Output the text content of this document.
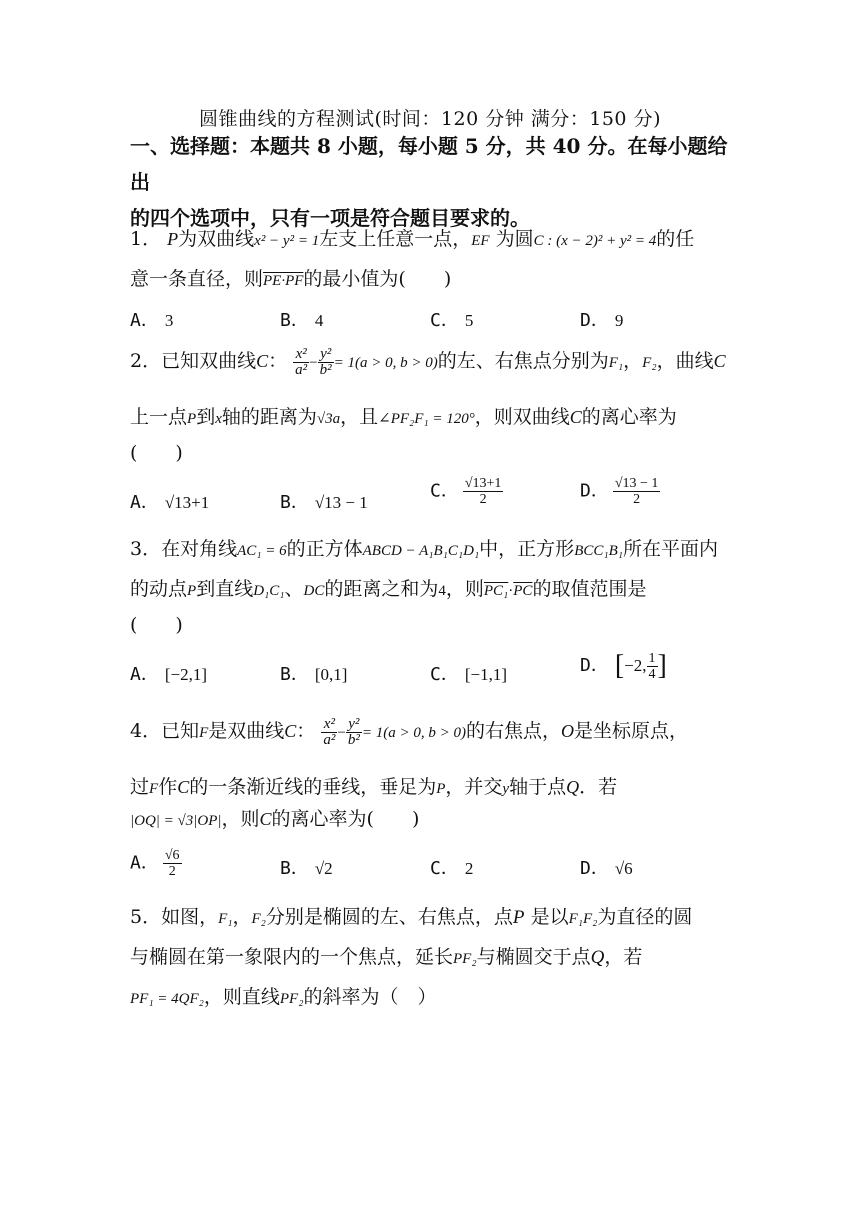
圆锥曲线的方程测试(时间：120 分钟 满分：150 分)
一、选择题：本题共 8 小题，每小题 5 分，共 40 分。在每小题给出
的四个选项中，只有一项是符合题目要求的。
1． P为双曲线x² − y² = 1左支上任意一点，EF 为圆C : (x − 2)² + y² = 4的任
意一条直径，则PE·PF的最小值为(　　)
A． 3	B． 4	C． 5	D． 9
2．已知双曲线C： $\frac{\text{x²}}{\text{a²}} - \frac{\text{y²}}{\text{b²}} = 1(a > 0$, b > 0)的左、右焦点分别为F₁，F₂，曲线C
上一点P到x轴的距离为√3a，且∠PF₂F₁ = 120°，则双曲线C的离心率为
(　　)
A． √13+1	B． √13 − 1
C． $\frac{√13+1}{2}$	D． $\frac{√13 - 1}{2}$
3．在对角线AC₁ = 6的正方体ABCD − A₁B₁C₁D₁中，正方形BCC₁B₁所在平面内
的动点P到直线D₁C₁、DC的距离之和为4，则$PC_1\cdot\overline{PC}$的取值范围是
(　　)
A． [−2,1]	B． [0,1]	C． [−1,1]	D． [−2, $\frac{1}{4}$ ]
4．已知F是双曲线C： $\frac{\text{x²}}{\text{a²}} - \frac{\text{y²}}{\text{b²}} = 1(a > 0$, b > 0)的右焦点，O是坐标原点，
过F作C的一条渐近线的垂线，垂足为P，并交y轴于点Q．若
|OQ| = √3|OP|，则C的离心率为(　　)
A． $\frac{√6}{2}$	B． √2	C． 2	D． √6
5．如图，F₁，F₂分别是椭圆的左、右焦点，点P 是以F₁F₂为直径的圆
与椭圆在第一象限内的一个焦点，延长PF₂与椭圆交于点Q，若
PF₁ = 4QF₂，则直线PF₂的斜率为（　）
